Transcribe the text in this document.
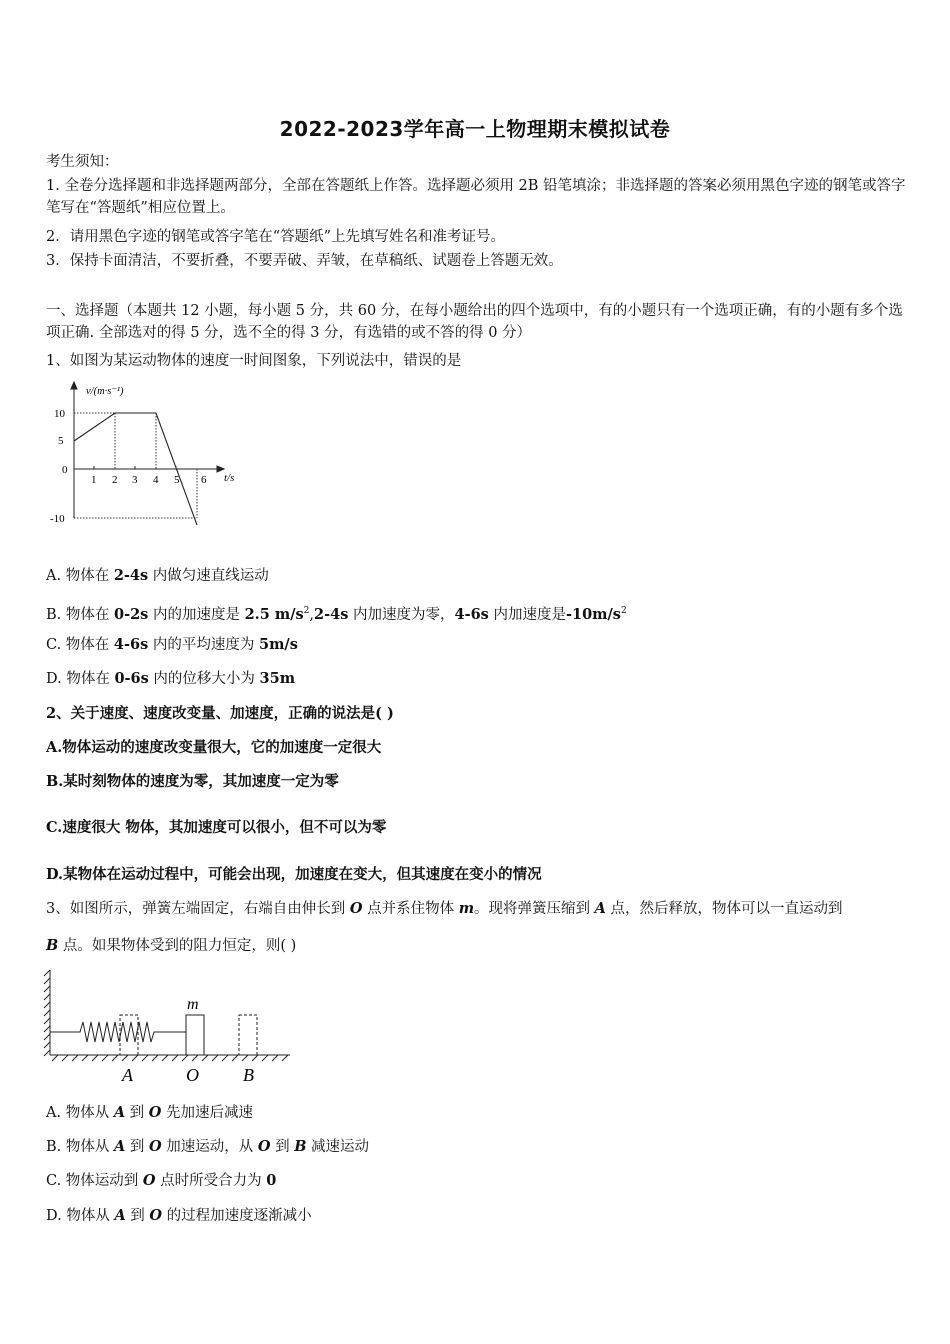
2022-2023学年高一上物理期末模拟试卷
考生须知：
1. 全卷分选择题和非选择题两部分，全部在答题纸上作答。选择题必须用 2B 铅笔填涂；非选择题的答案必须用黑色字迹的钢笔或答字笔写在“答题纸”相应位置上。
2．请用黑色字迹的钢笔或答字笔在“答题纸”上先填写姓名和准考证号。
3．保持卡面清洁，不要折叠，不要弄破、弄皱，在草稿纸、试题卷上答题无效。
一、选择题（本题共 12 小题，每小题 5 分，共 60 分，在每小题给出的四个选项中，有的小题只有一个选项正确，有的小题有多个选项正确. 全部选对的得 5 分，选不全的得 3 分，有选错的或不答的得 0 分）
1、如图为某运动物体的速度一时间图象，下列说法中，错误的是
v/(m·s⁻¹)
t/s
10
5
0
-10
1 2 3 4 5 6
A. 物体在 2-4s 内做匀速直线运动
B. 物体在 0-2s 内的加速度是 2.5 $m/s^2,2-4s$ 内加速度为零，4-6s 内加速度是$-10m/s^2$
C. 物体在 4-6s 内的平均速度为 5m/s
D. 物体在 0-6s 内的位移大小为 35m
2、关于速度、速度改变量、加速度，正确的说法是( )
A.物体运动的速度改变量很大，它的加速度一定很大
B.某时刻物体的速度为零，其加速度一定为零
C.速度很大 物体，其加速度可以很小，但不可以为零
D.某物体在运动过程中，可能会出现，加速度在变大，但其速度在变小的情况
3、如图所示，弹簧左端固定，右端自由伸长到 O 点并系住物体 m。现将弹簧压缩到 A 点，然后释放，物体可以一直运动到
B 点。如果物体受到的阻力恒定，则( )
m
A	O B
A. 物体从 A 到 O 先加速后减速
B. 物体从 A 到 O 加速运动，从 O 到 B 减速运动
C. 物体运动到 O 点时所受合力为 0
D. 物体从 A 到 O 的过程加速度逐渐减小
